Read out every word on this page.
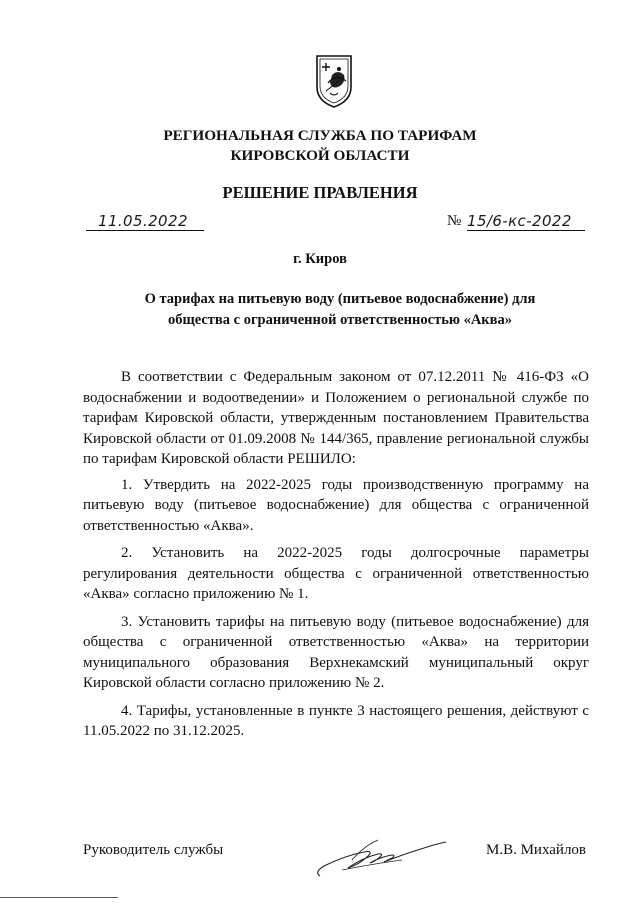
РЕГИОНАЛЬНАЯ СЛУЖБА ПО ТАРИФАМ
КИРОВСКОЙ ОБЛАСТИ
РЕШЕНИЕ ПРАВЛЕНИЯ
11.05.2022	№ 15/6-кс-2022
г. Киров
О тарифах на питьевую воду (питьевое водоснабжение) для общества с ограниченной ответственностью «Аква»

В соответствии с Федеральным законом от 07.12.2011 № 416-ФЗ «О водоснабжении и водоотведении» и Положением о региональной службе по тарифам Кировской области, утвержденным постановлением Правительства Кировской области от 01.09.2008 № 144/365, правление региональной службы по тарифам Кировской области РЕШИЛО:

1. Утвердить на 2022-2025 годы производственную программу на питьевую воду (питьевое водоснабжение) для общества с ограниченной ответственностью «Аква».

2. Установить на 2022-2025 годы долгосрочные параметры регулирования деятельности общества с ограниченной ответственностью «Аква» согласно приложению № 1.

3. Установить тарифы на питьевую воду (питьевое водоснабжение) для общества с ограниченной ответственностью «Аква» на территории муниципального образования Верхнекамский муниципальный округ Кировской области согласно приложению № 2.

4. Тарифы, установленные в пункте 3 настоящего решения, действуют с 11.05.2022 по 31.12.2025.

Руководитель службы	М.В. Михайлов
